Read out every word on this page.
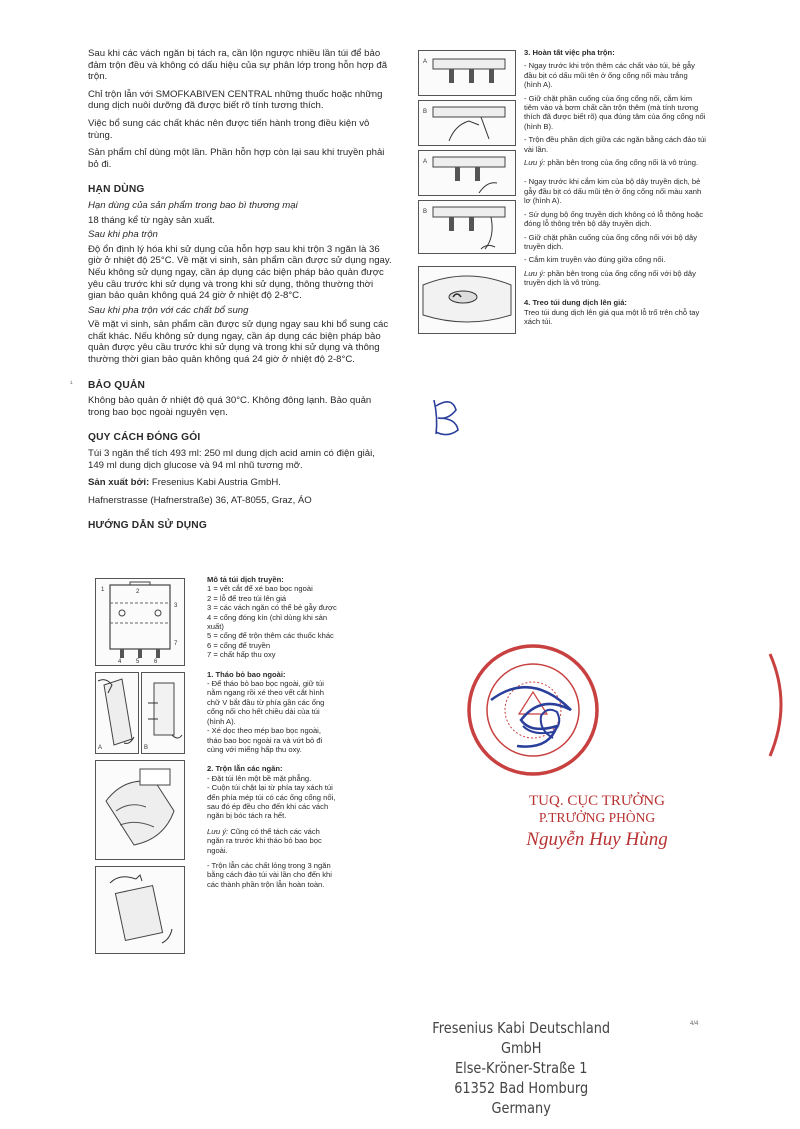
Sau khi các vách ngăn bị tách ra, cần lộn ngược nhiều lần túi để bảo đảm trộn đều và không có dấu hiệu của sự phân lớp trong hỗn hợp đã trộn.

Chỉ trộn lẫn với SMOFKABIVEN CENTRAL những thuốc hoặc những dung dịch nuôi dưỡng đã được biết rõ tính tương thích.

Việc bổ sung các chất khác nên được tiến hành trong điều kiện vô trùng.

Sản phẩm chỉ dùng một lần. Phần hỗn hợp còn lại sau khi truyền phải bỏ đi.

HẠN DÙNG

Hạn dùng của sản phẩm trong bao bì thương mại

18 tháng kể từ ngày sản xuất.

Sau khi pha trộn

Độ ổn định lý hóa khi sử dụng của hỗn hợp sau khi trộn 3 ngăn là 36 giờ ở nhiệt độ 25°C. Về mặt vi sinh, sản phẩm cần được sử dụng ngay. Nếu không sử dụng ngay, cần áp dụng các biện pháp bảo quản được yêu cầu trước khi sử dụng và trong khi sử dụng, thông thường thời gian bảo quản không quá 24 giờ ở nhiệt độ 2-8°C.

Sau khi pha trộn với các chất bổ sung

Về mặt vi sinh, sản phẩm cần được sử dụng ngay sau khi bổ sung các chất khác. Nếu không sử dụng ngay, cần áp dụng các biện pháp bảo quản được yêu cầu trước khi sử dụng và trong khi sử dụng và thông thường thời gian bảo quản không quá 24 giờ ở nhiệt độ 2-8°C.

BẢO QUẢN

Không bảo quản ở nhiệt độ quá 30°C. Không đông lạnh. Bảo quản trong bao bọc ngoài nguyên vẹn.

QUY CÁCH ĐÓNG GÓI

Túi 3 ngăn thể tích 493 ml: 250 ml dung dịch acid amin có điện giải, 149 ml dung dịch glucose và 94 ml nhũ tương mỡ.

Sản xuất bởi: Fresenius Kabi Austria GmbH.

Hafnerstrasse (Hafnerstraße) 36, AT-8055, Graz, ÁO

HƯỚNG DẪN SỬ DỤNG
¹
1	2
3
4 5 6
7
A	B

Mô tả túi dịch truyền:
1 = vết cắt để xé bao bọc ngoài
2 = lỗ để treo túi lên giá
3 = các vách ngăn có thể bẻ gẫy được
4 = cổng đóng kín (chỉ dùng khi sản xuất)
5 = cổng để trộn thêm các thuốc khác
6 = cổng để truyền
7 = chất hấp thu oxy

1. Tháo bỏ bao ngoài:
- Để tháo bỏ bao bọc ngoài, giữ túi nằm ngang rồi xé theo vết cắt hình chữ V bắt đầu từ phía gần các ống cổng nối cho hết chiều dài của túi (hình A).
- Xé dọc theo mép bao bọc ngoài, tháo bao bọc ngoài ra và vứt bỏ đi cùng với miếng hấp thu oxy.

2. Trộn lẫn các ngăn:
- Đặt túi lên một bề mặt phẳng.
- Cuộn túi chặt lại từ phía tay xách túi đến phía mép túi có các ống cổng nối, sau đó ép đều cho đến khi các vách ngăn bị bóc tách ra hết.

Lưu ý: Cũng có thể tách các vách ngăn ra trước khi tháo bỏ bao bọc ngoài.

- Trộn lẫn các chất lỏng trong 3 ngăn bằng cách đảo túi vài lần cho đến khi các thành phần trộn lẫn hoàn toàn.

A
B
A
B

3. Hoàn tất việc pha trộn:

- Ngay trước khi trộn thêm các chất vào túi, bẻ gẫy đầu bịt có dấu mũi tên ở ống cổng nối màu trắng (hình A).

- Giữ chặt phần cuống của ống cổng nối, cắm kim tiêm vào và bơm chất cần trộn thêm (mà tính tương thích đã được biết rõ) qua đúng tâm của ống cổng nối (hình B).

- Trộn đều phần dịch giữa các ngăn bằng cách đảo túi vài lần.

Lưu ý: phần bên trong của ống cổng nối là vô trùng.

- Ngay trước khi cắm kim của bộ dây truyền dịch, bẻ gẫy đầu bịt có dấu mũi tên ở ống cổng nối màu xanh lơ (hình A).

- Sử dụng bộ ống truyền dịch không có lỗ thông hoặc đóng lỗ thông trên bộ dây truyền dịch.

- Giữ chặt phần cuống của ống cổng nối với bộ dây truyền dịch.

- Cắm kim truyền vào đúng giữa cổng nối.

Lưu ý: phần bên trong của ống cổng nối với bộ dây truyền dịch là vô trùng.

4. Treo túi dung dịch lên giá:

Treo túi dung dịch lên giá qua một lỗ trổ trên chỗ tay xách túi.

TUQ. CỤC TRƯỞNG
P.TRƯỞNG PHÒNG
Nguyễn Huy Hùng
Fresenius Kabi Deutschland GmbH
Else-Kröner-Straße 1
61352 Bad Homburg
Germany
4/4
